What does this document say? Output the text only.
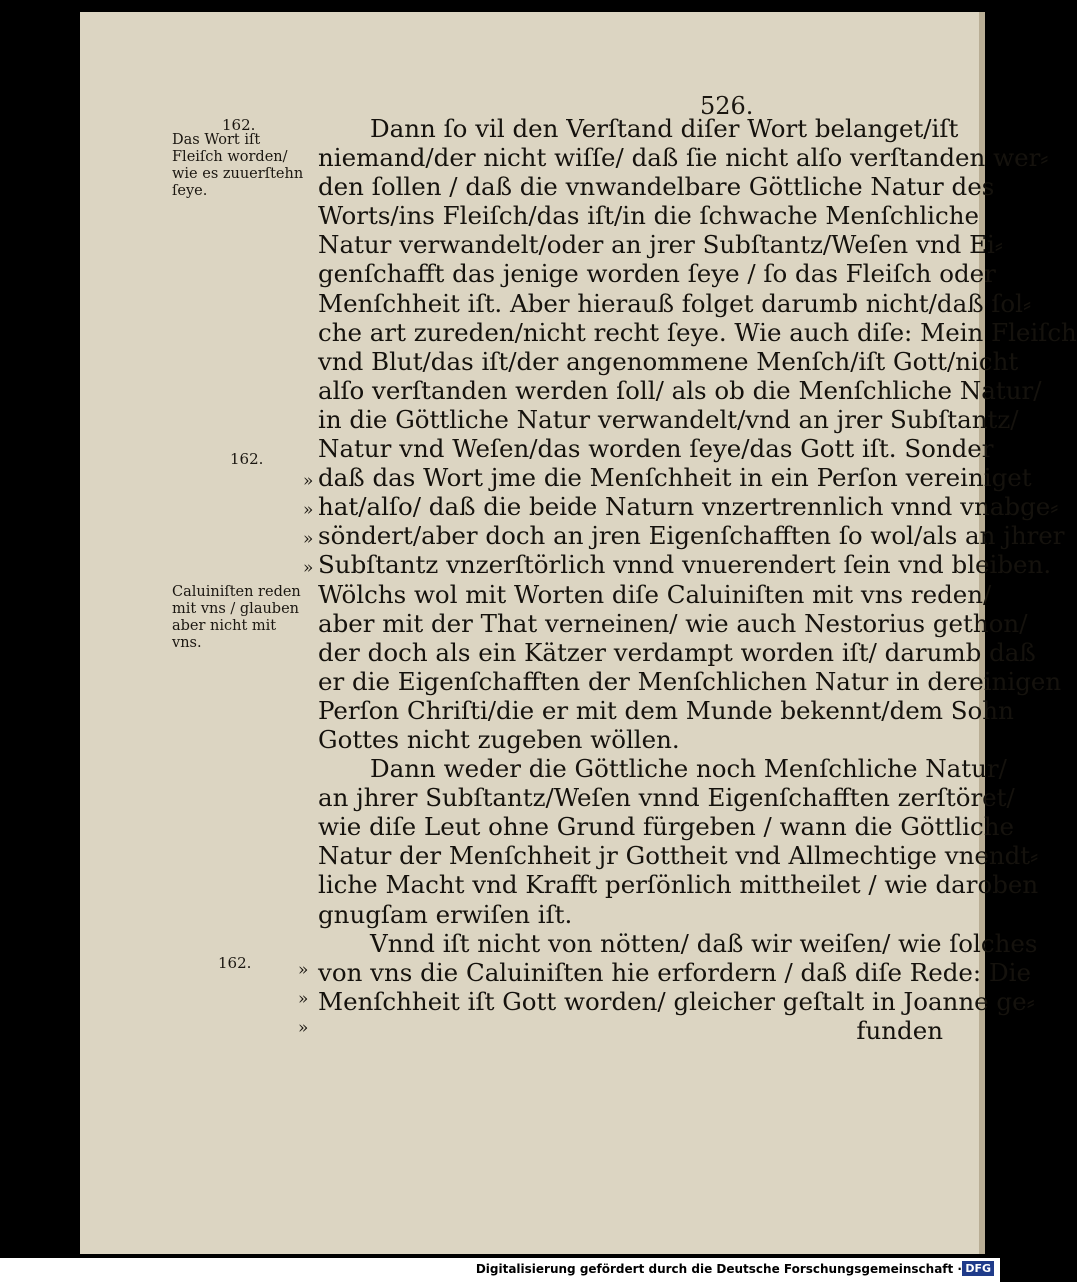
526.
162.
Das Wort iſt
Fleiſch worden/
wie es zuuerſtehn
ſeye.
162.
»
»
»
»
Caluiniſten reden
mit vns / glauben
aber nicht mit
vns.
162.	»
»
»

Dann ſo vil den Verſtand diſer Wort belanget/iſt
niemand/der nicht wiſſe/ daß ſie nicht alſo verſtanden wer⸗
den ſollen / daß die vnwandelbare Göttliche Natur des
Worts/ins Fleiſch/das iſt/in die ſchwache Menſchliche
Natur verwandelt/oder an jrer Subſtantz/Weſen vnd Ei⸗
genſchafft das jenige worden ſeye / ſo das Fleiſch oder
Menſchheit iſt. Aber hierauß folget darumb nicht/daß ſol⸗
che art zureden/nicht recht ſeye. Wie auch diſe: Mein Fleiſch
vnd Blut/das iſt/der angenommene Menſch/iſt Gott/nicht
alſo verſtanden werden ſoll/ als ob die Menſchliche Natur/
in die Göttliche Natur verwandelt/vnd an jrer Subſtantz/
Natur vnd Weſen/das worden ſeye/das Gott iſt. Sonder
daß das Wort jme die Menſchheit in ein Perſon vereiniget
hat/alſo/ daß die beide Naturn vnzertrennlich vnnd vnabge⸗
söndert/aber doch an jren Eigenſchafften ſo wol/als an jhrer
Subſtantz vnzerſtörlich vnnd vnuerendert ſein vnd bleiben.
Wölchs wol mit Worten diſe Caluiniſten mit vns reden/
aber mit der That verneinen/ wie auch Nestorius gethon/
der doch als ein Kätzer verdampt worden iſt/ darumb daß
er die Eigenſchafften der Menſchlichen Natur in dereinigen
Perſon Chriſti/die er mit dem Munde bekennt/dem Sohn
Gottes nicht zugeben wöllen.
Dann weder die Göttliche noch Menſchliche Natur/
an jhrer Subſtantz/Weſen vnnd Eigenſchafften zerſtöret/
wie diſe Leut ohne Grund fürgeben / wann die Göttliche
Natur der Menſchheit jr Gottheit vnd Allmechtige vnendt⸗
liche Macht vnd Krafft perſönlich mittheilet / wie daroben
gnugſam erwiſen iſt.
Vnnd iſt nicht von nötten/ daß wir weiſen/ wie ſolches
von vns die Caluiniſten hie erfordern / daß diſe Rede: Die
Menſchheit iſt Gott worden/ gleicher geſtalt in Joanne ge⸗
funden

Digitalisierung gefördert durch die Deutsche Forschungsgemeinschaft · DFG
